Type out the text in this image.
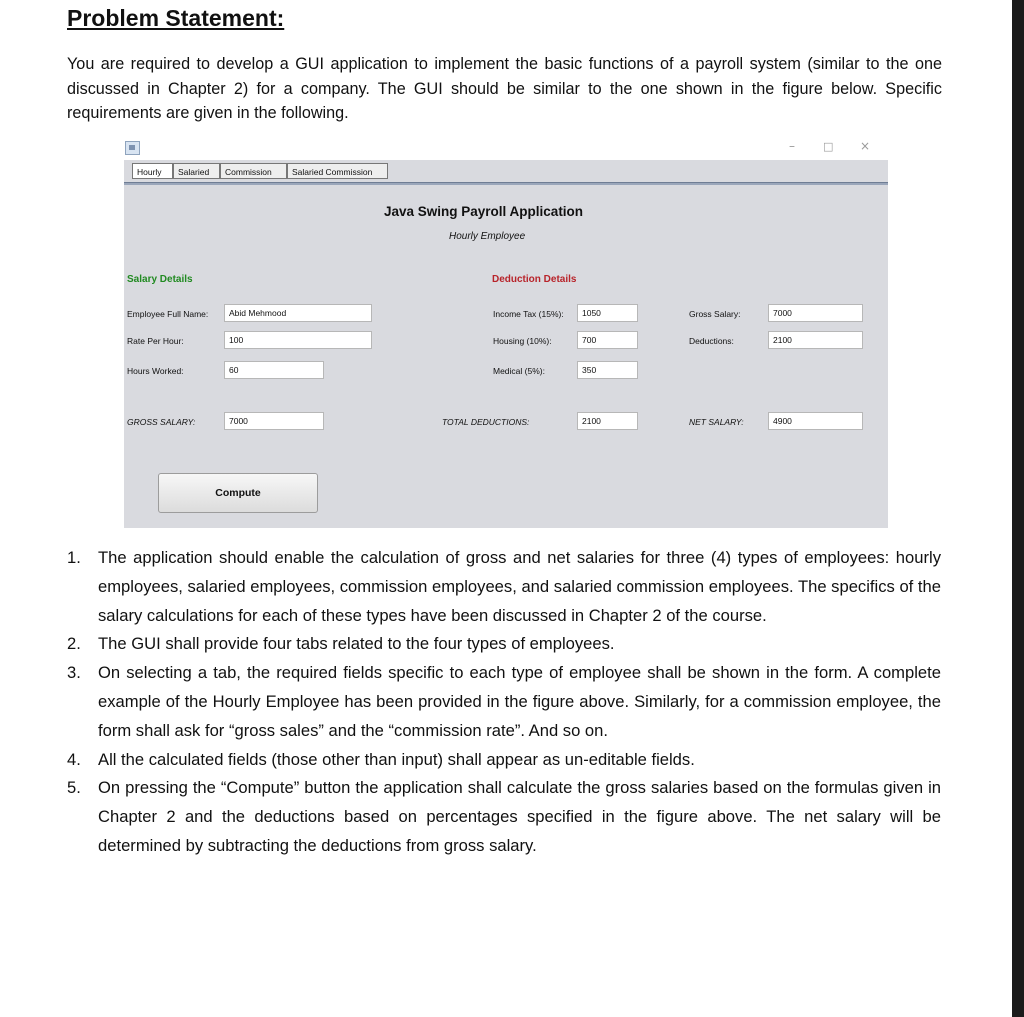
Problem Statement:

You are required to develop a GUI application to implement the basic functions of a payroll system (similar to the one discussed in Chapter 2) for a company. The GUI should be similar to the one shown in the figure below. Specific requirements are given in the following.

–	□ ×
Hourly	Salaried	Commission	Salaried Commission
Java Swing Payroll Application
Hourly Employee
Salary Details	Deduction Details
Employee Full Name:	Abid Mehmood
Rate Per Hour:	100
Hours Worked:	60
Income Tax (15%):	1050
Housing (10%):	700
Medical (5%):	350
Gross Salary:	7000
Deductions:	2100
GROSS SALARY:	7000	TOTAL DEDUCTIONS:	2100	NET SALARY:	4900
Compute
1. The application should enable the calculation of gross and net salaries for three (4) types of employees: hourly employees, salaried employees, commission employees, and salaried commission employees. The specifics of the salary calculations for each of these types have been discussed in Chapter 2 of the course.
2. The GUI shall provide four tabs related to the four types of employees.
3. On selecting a tab, the required fields specific to each type of employee shall be shown in the form. A complete example of the Hourly Employee has been provided in the figure above. Similarly, for a commission employee, the form shall ask for “gross sales” and the “commission rate”. And so on.
4. All the calculated fields (those other than input) shall appear as un-editable fields.
5. On pressing the “Compute” button the application shall calculate the gross salaries based on the formulas given in Chapter 2 and the deductions based on percentages specified in the figure above. The net salary will be determined by subtracting the deductions from gross salary.
